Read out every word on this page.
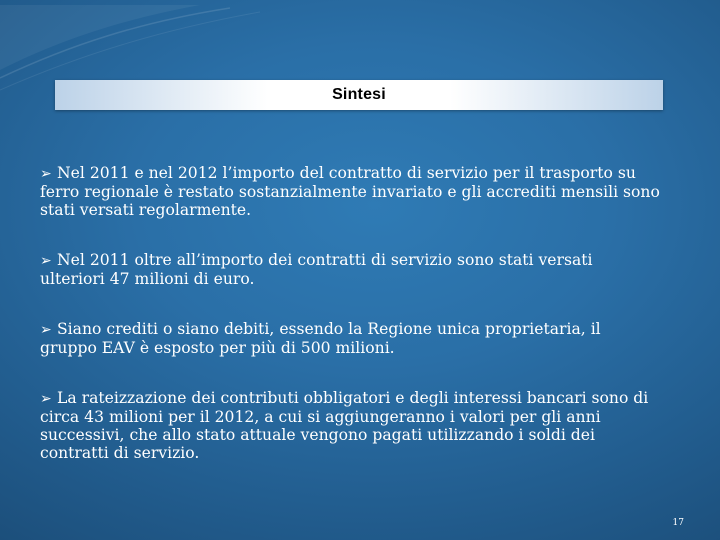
Sintesi

➢ Nel 2011 e nel 2012 l’importo del contratto di servizio per il trasporto su ferro regionale è restato sostanzialmente invariato e gli accrediti mensili sono stati versati regolarmente.

➢ Nel 2011 oltre all’importo dei contratti di servizio sono stati versati ulteriori 47 milioni di euro.

➢ Siano crediti o siano debiti, essendo la Regione unica proprietaria, il gruppo EAV è esposto per più di 500 milioni.

➢ La rateizzazione dei contributi obbligatori e degli interessi bancari sono di circa 43 milioni per il 2012, a cui si aggiungeranno i valori per gli anni successivi, che allo stato attuale vengono pagati utilizzando i soldi dei contratti di servizio.

17
